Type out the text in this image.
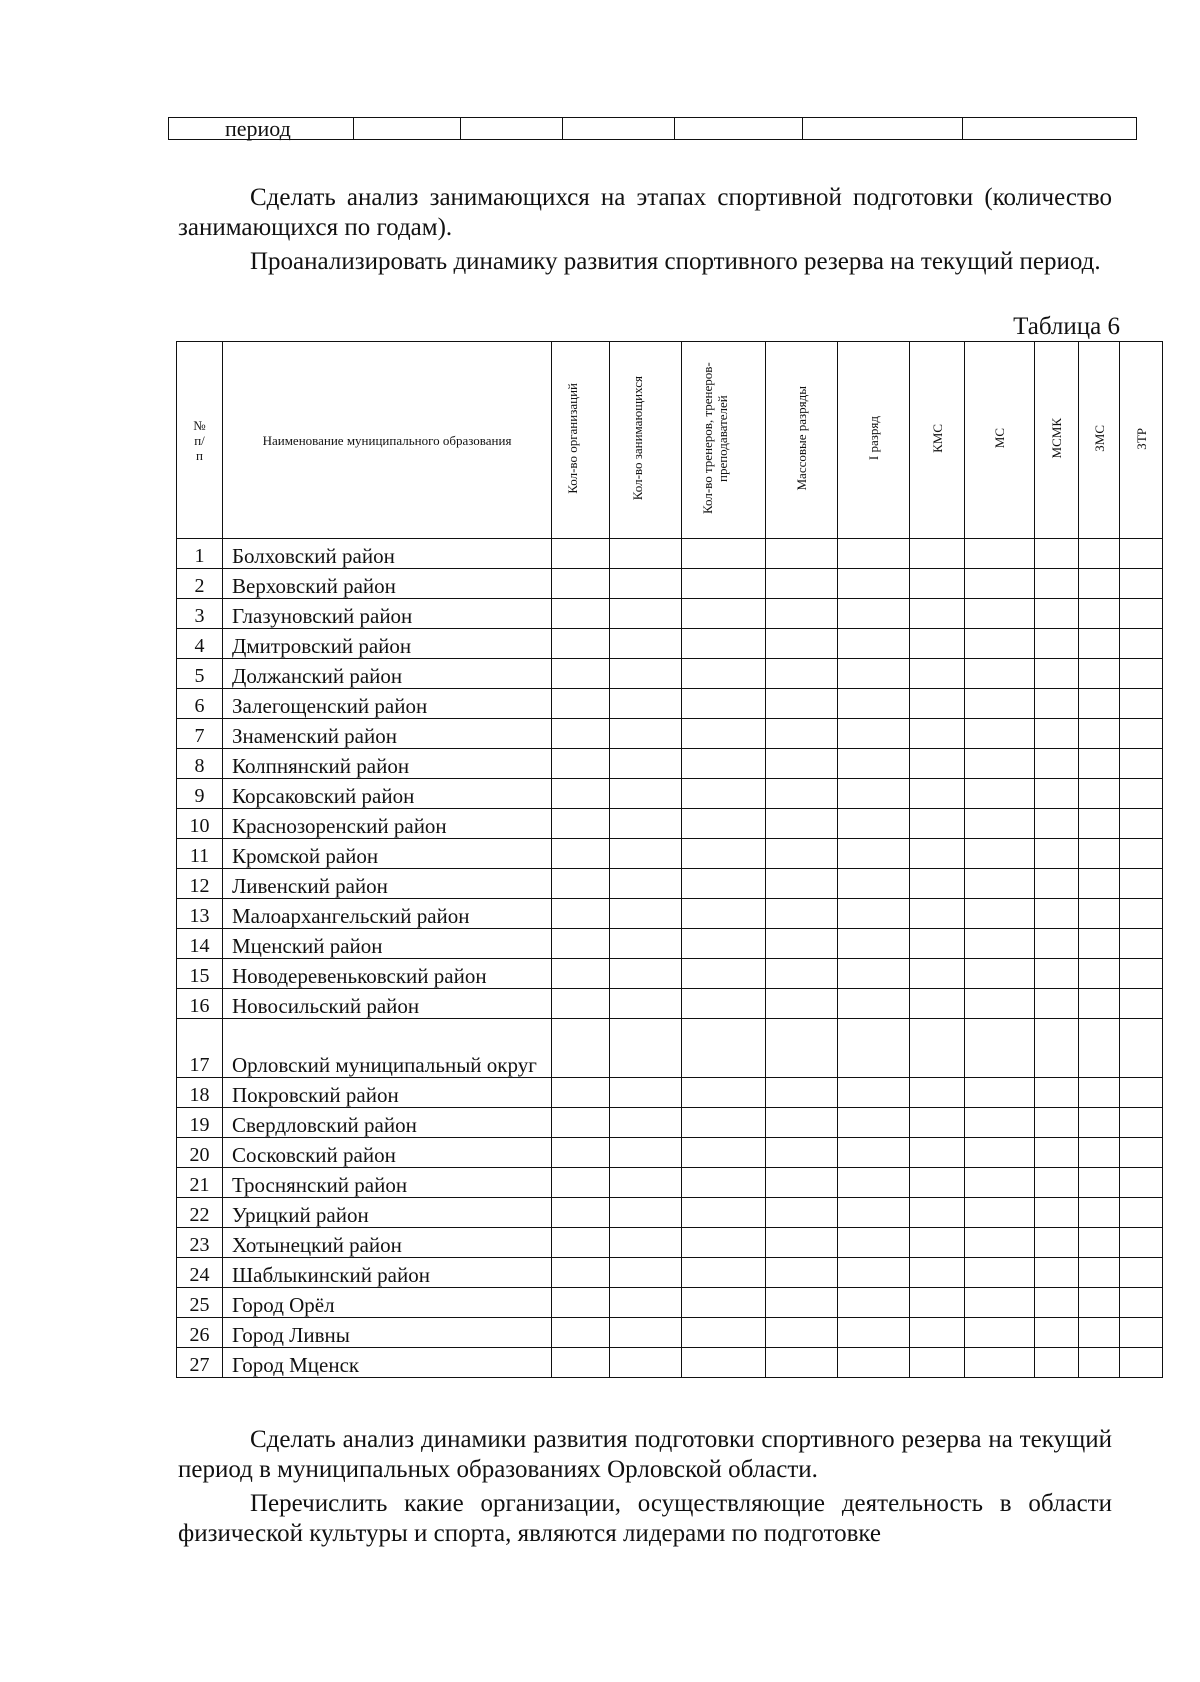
период						

Сделать анализ занимающихся на этапах спортивной подготовки (количество занимающихся по годам).

Проанализировать динамику развития спортивного резерва на текущий период.

Таблица 6

№ п/ п	Наименование муниципального образования	Кол-во организаций	Кол-во занимающихся	Кол-во тренеров, тренеров-преподавателей	Массовые разряды	I разряд	КМС	МС	МСМК	ЗМС	ЗТР
1	Болховский район										
2	Верховский район										
3	Глазуновский район										
4	Дмитровский район										
5	Должанский район										
6	Залегощенский район										
7	Знаменский район										
8	Колпнянский район										
9	Корсаковский район										
10	Краснозоренский район										
11	Кромской район										
12	Ливенский район										
13	Малоархангельский район										
14	Мценский район										
15	Новодеревеньковский район										
16	Новосильский район										
17	Орловский муниципальный округ										
18	Покровский район										
19	Свердловский район										
20	Сосковский район										
21	Троснянский район										
22	Урицкий район										
23	Хотынецкий район										
24	Шаблыкинский район										
25	Город Орёл										
26	Город Ливны										
27	Город Мценск										

Сделать анализ динамики развития подготовки спортивного резерва на текущий период в муниципальных образованиях Орловской области.

Перечислить какие организации, осуществляющие деятельность в области физической культуры и спорта, являются лидерами по подготовке
